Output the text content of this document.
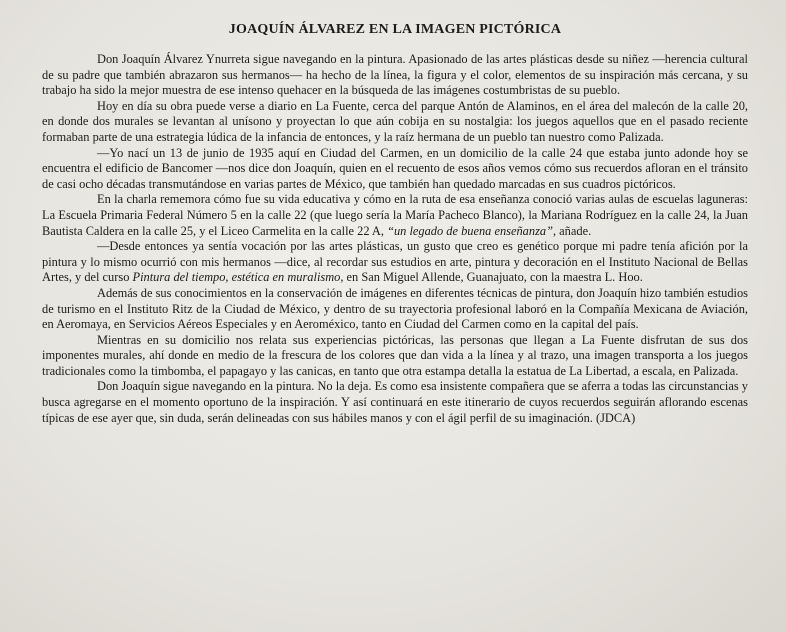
JOAQUÍN ÁLVAREZ EN LA IMAGEN PICTÓRICA

Don Joaquín Álvarez Ynurreta sigue navegando en la pintura. Apasionado de las artes plásticas desde su niñez —herencia cultural de su padre que también abrazaron sus hermanos— ha hecho de la línea, la figura y el color, elementos de su inspiración más cercana, y su trabajo ha sido la mejor muestra de ese intenso quehacer en la búsqueda de las imágenes costumbristas de su pueblo.

Hoy en día su obra puede verse a diario en La Fuente, cerca del parque Antón de Alaminos, en el área del malecón de la calle 20, en donde dos murales se levantan al unísono y proyectan lo que aún cobija en su nostalgia: los juegos aquellos que en el pasado reciente formaban parte de una estrategia lúdica de la infancia de entonces, y la raíz hermana de un pueblo tan nuestro como Palizada.

—Yo nací un 13 de junio de 1935 aquí en Ciudad del Carmen, en un domicilio de la calle 24 que estaba junto adonde hoy se encuentra el edificio de Bancomer —nos dice don Joaquín, quien en el recuento de esos años vemos cómo sus recuerdos afloran en el tránsito de casi ocho décadas transmutándose en varias partes de México, que también han quedado marcadas en sus cuadros pictóricos.

En la charla rememora cómo fue su vida educativa y cómo en la ruta de esa enseñanza conoció varias aulas de escuelas laguneras: La Escuela Primaria Federal Número 5 en la calle 22 (que luego sería la María Pacheco Blanco), la Mariana Rodríguez en la calle 24, la Juan Bautista Caldera en la calle 25, y el Liceo Carmelita en la calle 22 A, “un legado de buena enseñanza”, añade.

—Desde entonces ya sentía vocación por las artes plásticas, un gusto que creo es genético porque mi padre tenía afición por la pintura y lo mismo ocurrió con mis hermanos —dice, al recordar sus estudios en arte, pintura y decoración en el Instituto Nacional de Bellas Artes, y del curso Pintura del tiempo, estética en muralismo, en San Miguel Allende, Guanajuato, con la maestra L. Hoo.

Además de sus conocimientos en la conservación de imágenes en diferentes técnicas de pintura, don Joaquín hizo también estudios de turismo en el Instituto Ritz de la Ciudad de México, y dentro de su trayectoria profesional laboró en la Compañía Mexicana de Aviación, en Aeromaya, en Servicios Aéreos Especiales y en Aeroméxico, tanto en Ciudad del Carmen como en la capital del país.

Mientras en su domicilio nos relata sus experiencias pictóricas, las personas que llegan a La Fuente disfrutan de sus dos imponentes murales, ahí donde en medio de la frescura de los colores que dan vida a la línea y al trazo, una imagen transporta a los juegos tradicionales como la timbomba, el papagayo y las canicas, en tanto que otra estampa detalla la estatua de La Libertad, a escala, en Palizada.

Don Joaquín sigue navegando en la pintura. No la deja. Es como esa insistente compañera que se aferra a todas las circunstancias y busca agregarse en el momento oportuno de la inspiración. Y así continuará en este itinerario de cuyos recuerdos seguirán aflorando escenas típicas de ese ayer que, sin duda, serán delineadas con sus hábiles manos y con el ágil perfil de su imaginación. (JDCA)
